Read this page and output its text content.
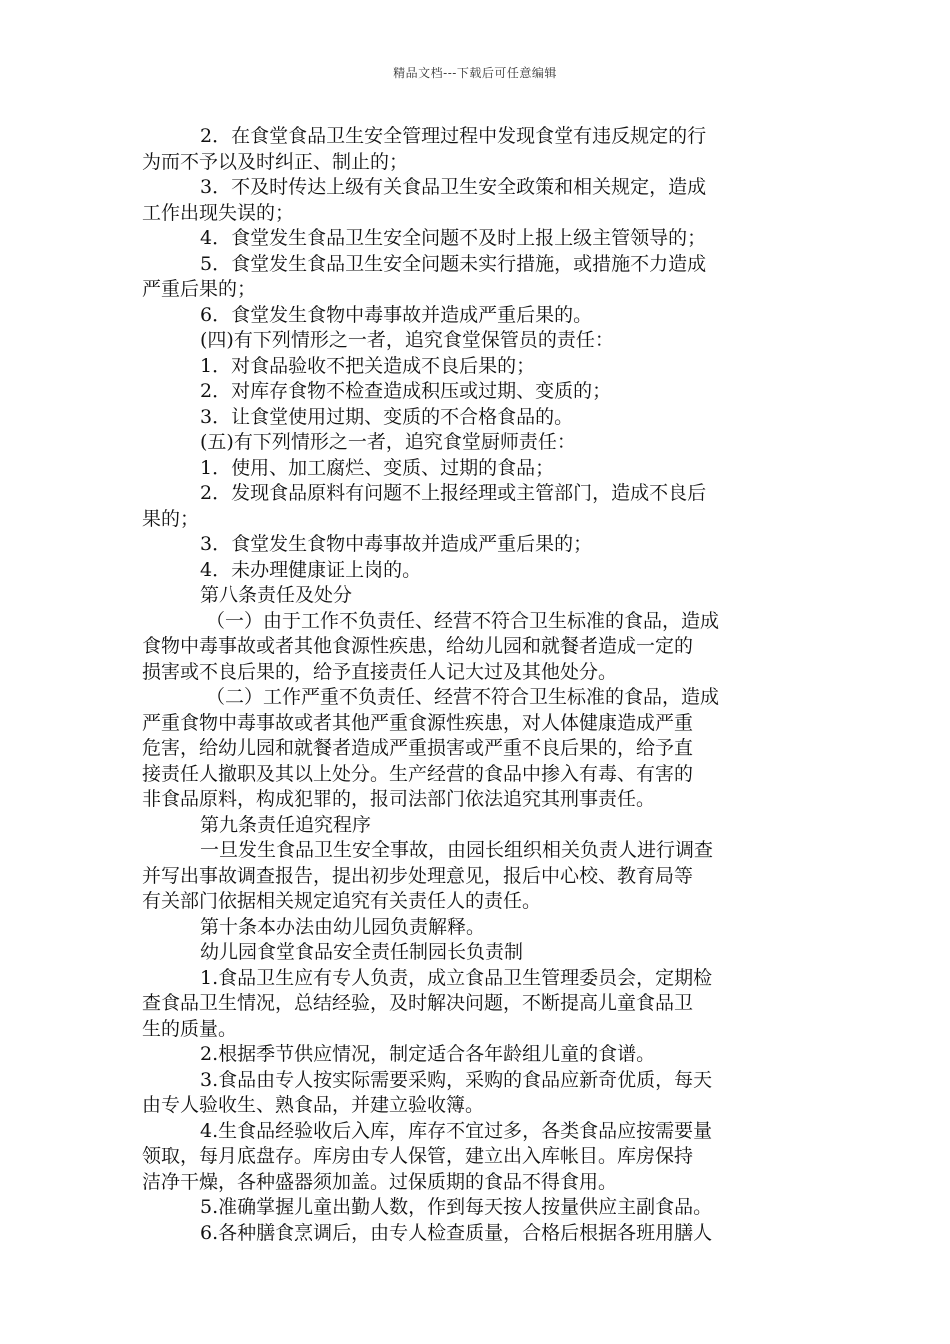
精品文档---下载后可任意编辑

2．在食堂食品卫生安全管理过程中发现食堂有违反规定的行

为而不予以及时纠正、制止的；

3．不及时传达上级有关食品卫生安全政策和相关规定，造成

工作出现失误的；

4．食堂发生食品卫生安全问题不及时上报上级主管领导的；

5．食堂发生食品卫生安全问题未实行措施，或措施不力造成

严重后果的；

6．食堂发生食物中毒事故并造成严重后果的。

(四)有下列情形之一者，追究食堂保管员的责任：

1．对食品验收不把关造成不良后果的；

2．对库存食物不检查造成积压或过期、变质的；

3．让食堂使用过期、变质的不合格食品的。

(五)有下列情形之一者，追究食堂厨师责任：

1．使用、加工腐烂、变质、过期的食品；

2．发现食品原料有问题不上报经理或主管部门，造成不良后

果的；

3．食堂发生食物中毒事故并造成严重后果的；

4．未办理健康证上岗的。

第八条责任及处分

（一）由于工作不负责任、经营不符合卫生标准的食品，造成

食物中毒事故或者其他食源性疾患，给幼儿园和就餐者造成一定的

损害或不良后果的，给予直接责任人记大过及其他处分。

（二）工作严重不负责任、经营不符合卫生标准的食品，造成

严重食物中毒事故或者其他严重食源性疾患，对人体健康造成严重

危害，给幼儿园和就餐者造成严重损害或严重不良后果的，给予直

接责任人撤职及其以上处分。生产经营的食品中掺入有毒、有害的

非食品原料，构成犯罪的，报司法部门依法追究其刑事责任。

第九条责任追究程序

一旦发生食品卫生安全事故，由园长组织相关负责人进行调查

并写出事故调查报告，提出初步处理意见，报后中心校、教育局等

有关部门依据相关规定追究有关责任人的责任。

第十条本办法由幼儿园负责解释。

幼儿园食堂食品安全责任制园长负责制

1.食品卫生应有专人负责，成立食品卫生管理委员会，定期检

查食品卫生情况，总结经验，及时解决问题，不断提高儿童食品卫

生的质量。

2.根据季节供应情况，制定适合各年龄组儿童的食谱。

3.食品由专人按实际需要采购，采购的食品应新奇优质，每天

由专人验收生、熟食品，并建立验收簿。

4.生食品经验收后入库，库存不宜过多，各类食品应按需要量

领取，每月底盘存。库房由专人保管，建立出入库帐目。库房保持

洁净干燥，各种盛器须加盖。过保质期的食品不得食用。

5.准确掌握儿童出勤人数，作到每天按人按量供应主副食品。

6.各种膳食烹调后，由专人检查质量，合格后根据各班用膳人
